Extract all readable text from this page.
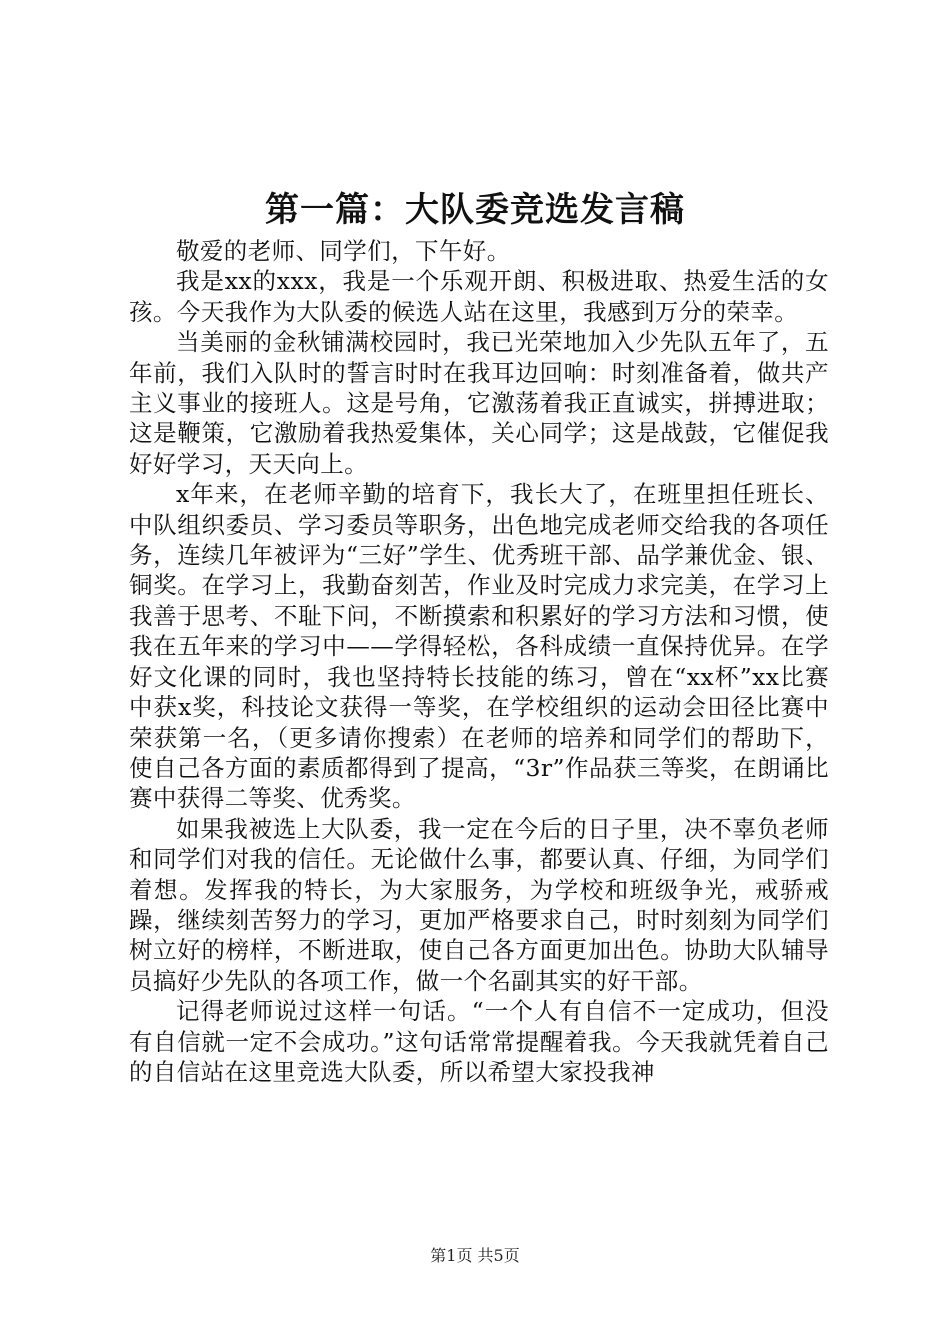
第一篇：大队委竞选发言稿

敬爱的老师、同学们，下午好。

我是xx的xxx，我是一个乐观开朗、积极进取、热爱生活的女孩。今天我作为大队委的候选人站在这里，我感到万分的荣幸。

当美丽的金秋铺满校园时，我已光荣地加入少先队五年了，五年前，我们入队时的誓言时时在我耳边回响：时刻准备着，做共产主义事业的接班人。这是号角，它激荡着我正直诚实，拼搏进取；这是鞭策，它激励着我热爱集体，关心同学；这是战鼓，它催促我好好学习，天天向上。

x年来，在老师辛勤的培育下，我长大了，在班里担任班长、中队组织委员、学习委员等职务，出色地完成老师交给我的各项任务，连续几年被评为“三好”学生、优秀班干部、品学兼优金、银、铜奖。在学习上，我勤奋刻苦，作业及时完成力求完美，在学习上我善于思考、不耻下问，不断摸索和积累好的学习方法和习惯，使我在五年来的学习中——学得轻松，各科成绩一直保持优异。在学好文化课的同时，我也坚持特长技能的练习，曾在“xx杯”xx比赛中获x奖，科技论文获得一等奖，在学校组织的运动会田径比赛中荣获第一名，（更多请你搜索）在老师的培养和同学们的帮助下，使自己各方面的素质都得到了提高，“3r”作品获三等奖，在朗诵比赛中获得二等奖、优秀奖。

如果我被选上大队委，我一定在今后的日子里，决不辜负老师和同学们对我的信任。无论做什么事，都要认真、仔细，为同学们着想。发挥我的特长，为大家服务，为学校和班级争光，戒骄戒躁，继续刻苦努力的学习，更加严格要求自己，时时刻刻为同学们树立好的榜样，不断进取，使自己各方面更加出色。协助大队辅导员搞好少先队的各项工作，做一个名副其实的好干部。

记得老师说过这样一句话。“一个人有自信不一定成功，但没有自信就一定不会成功。”这句话常常提醒着我。今天我就凭着自己的自信站在这里竞选大队委，所以希望大家投我神

第1页 共5页
